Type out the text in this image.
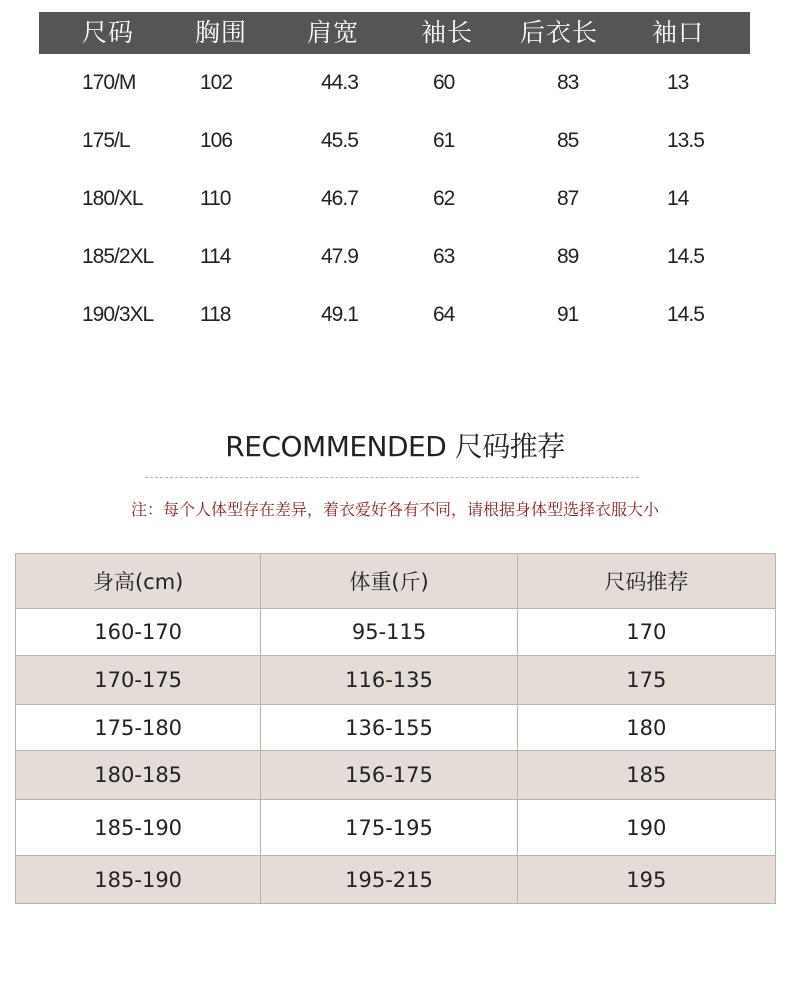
尺码 胸围 肩宽 袖长 后衣长 袖口
170/M	102	44.3	60	83	13
175/L	106	45.5	61	85	13.5
180/XL	110	46.7	62	87	14
185/2XL 114	47.9	63	89	14.5
190/3XL 118	49.1	64	91	14.5
RECOMMENDED 尺码推荐
注：每个人体型存在差异，着衣爱好各有不同，请根据身体型选择衣服大小
身高(cm)	体重(斤)	尺码推荐
160-170	95-115	170
170-175	116-135	175
175-180	136-155	180
180-185	156-175	185
185-190	175-195	190
185-190	195-215	195
